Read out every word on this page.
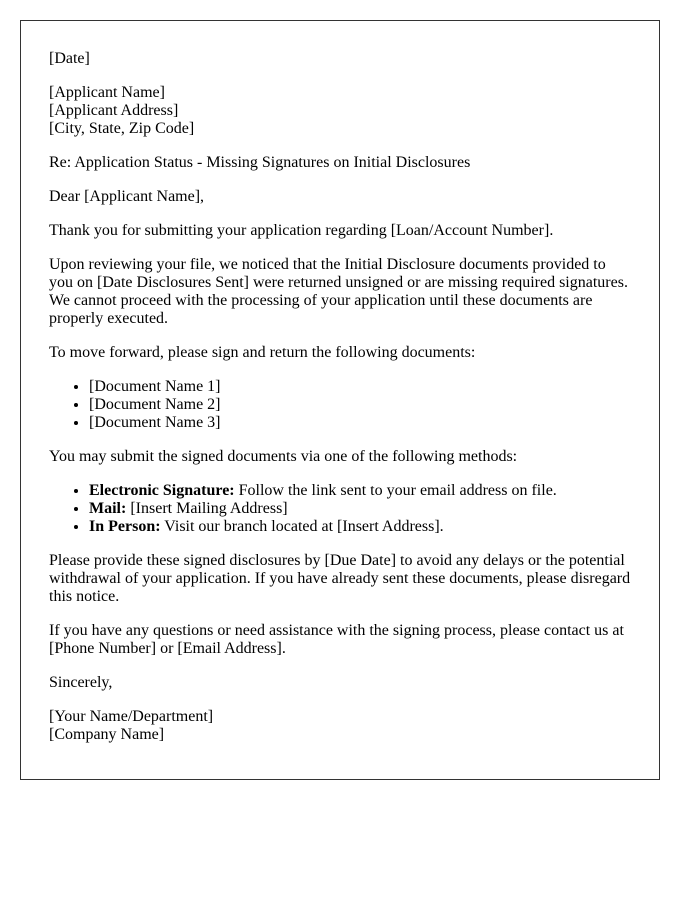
[Date]
[Applicant Name]
[Applicant Address]
[City, State, Zip Code]
Re: Application Status - Missing Signatures on Initial Disclosures
Dear [Applicant Name],
Thank you for submitting your application regarding [Loan/Account Number].
Upon reviewing your file, we noticed that the Initial Disclosure documents provided to you on [Date Disclosures Sent] were returned unsigned or are missing required signatures. We cannot proceed with the processing of your application until these documents are properly executed.
To move forward, please sign and return the following documents:
• [Document Name 1]
• [Document Name 2]
• [Document Name 3]
You may submit the signed documents via one of the following methods:
• Electronic Signature: Follow the link sent to your email address on file.
• Mail: [Insert Mailing Address]
• In Person: Visit our branch located at [Insert Address].
Please provide these signed disclosures by [Due Date] to avoid any delays or the potential withdrawal of your application. If you have already sent these documents, please disregard this notice.
If you have any questions or need assistance with the signing process, please contact us at [Phone Number] or [Email Address].
Sincerely,
[Your Name/Department]
[Company Name]
